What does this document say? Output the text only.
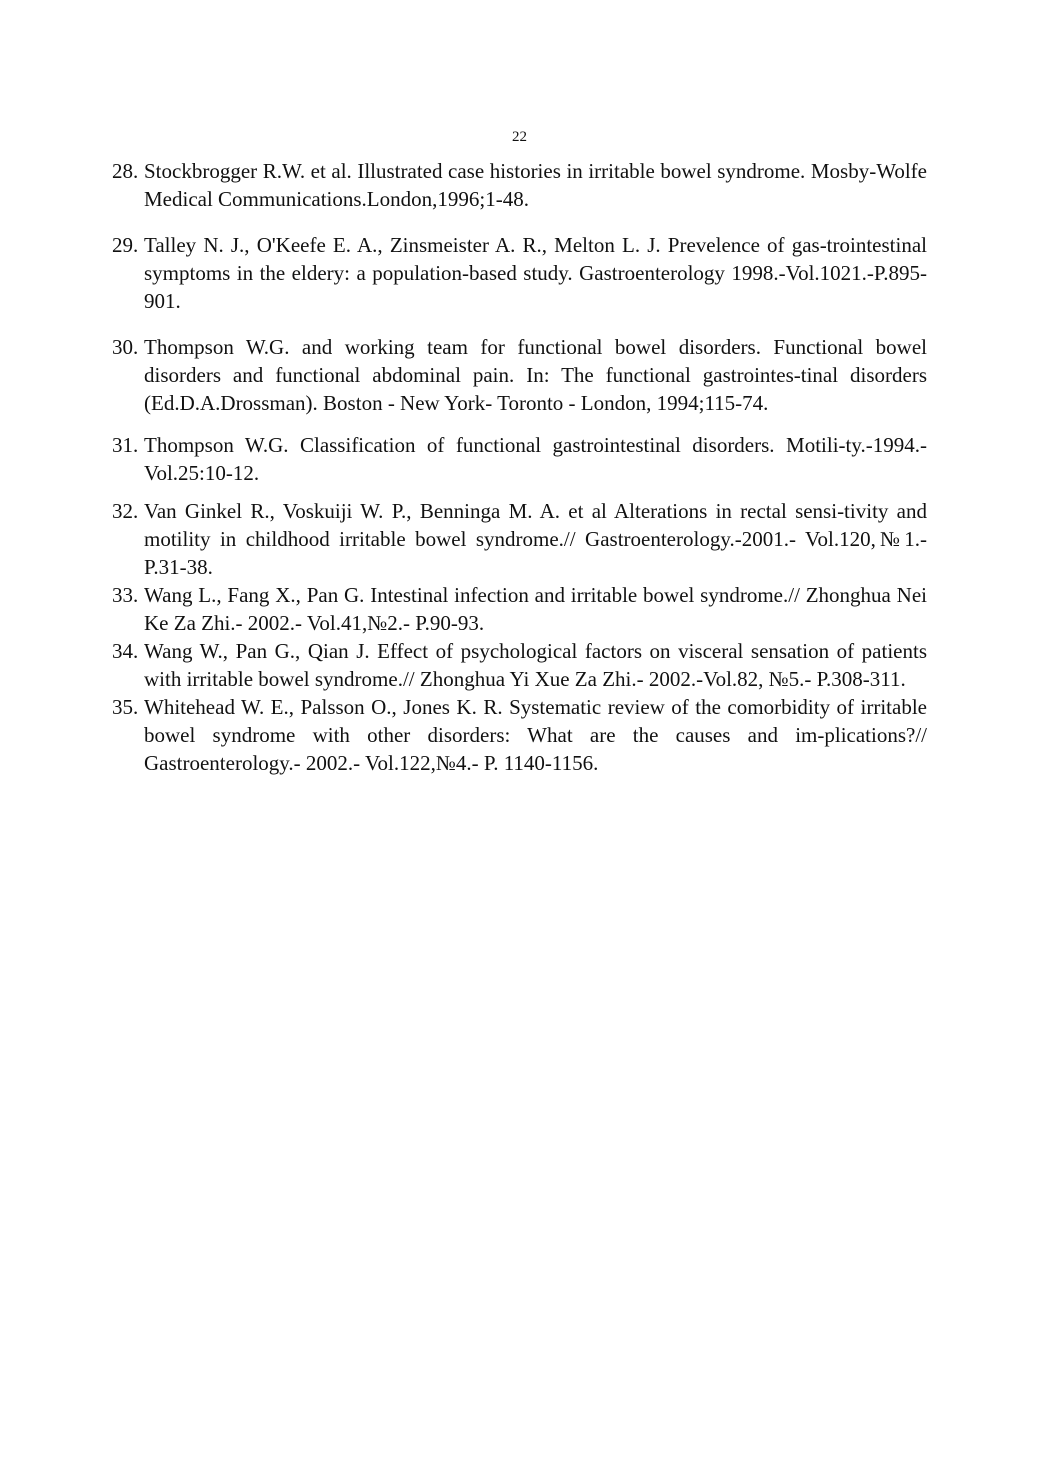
22
28. Stockbrogger R.W. et al. Illustrated case histories in irritable bowel syndrome. Mosby-Wolfe Medical Communications.London,1996;1-48.
29. Talley N. J., O'Keefe E. A., Zinsmeister A. R., Melton L. J. Prevelence of gas-trointestinal symptoms in the eldery: a population-based study. Gastroenterology 1998.-Vol.1021.-P.895-901.
30. Thompson W.G. and working team for functional bowel disorders. Functional bowel disorders and functional abdominal pain. In: The functional gastrointes-tinal disorders (Ed.D.A.Drossman). Boston - New York- Toronto - London, 1994;115-74.
31. Thompson W.G. Classification of functional gastrointestinal disorders. Motili-ty.-1994.-Vol.25:10-12.
32. Van Ginkel R., Voskuiji W. P., Benninga M. A. et al Alterations in rectal sensi-tivity and motility in childhood irritable bowel syndrome.// Gastroenterology.-2001.- Vol.120,№1.- P.31-38.
33. Wang L., Fang X., Pan G. Intestinal infection and irritable bowel syndrome.// Zhonghua Nei Ke Za Zhi.- 2002.- Vol.41,№2.- P.90-93.
34. Wang W., Pan G., Qian J. Effect of psychological factors on visceral sensation of patients with irritable bowel syndrome.// Zhonghua Yi Xue Za Zhi.- 2002.-Vol.82, №5.- P.308-311.
35. Whitehead W. E., Palsson O., Jones K. R. Systematic review of the comorbidity of irritable bowel syndrome with other disorders: What are the causes and im-plications?// Gastroenterology.- 2002.- Vol.122,№4.- P. 1140-1156.
